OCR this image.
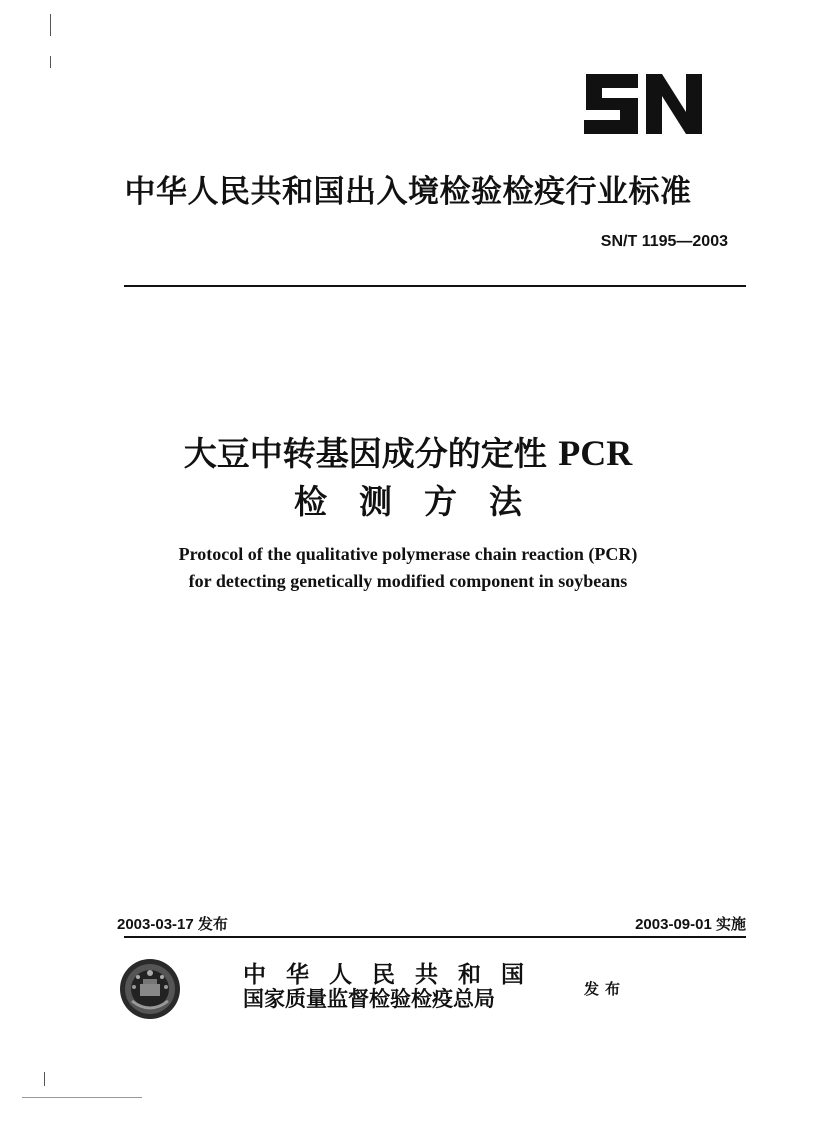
中华人民共和国出入境检验检疫行业标准
SN/T 1195—2003
大豆中转基因成分的定性 PCR
检测方法
Protocol of the qualitative polymerase chain reaction (PCR)
for detecting genetically modified component in soybeans
2003-03-17 发布	2003-09-01 实施
中华人民共和国
国家质量监督检验检疫总局	发布
